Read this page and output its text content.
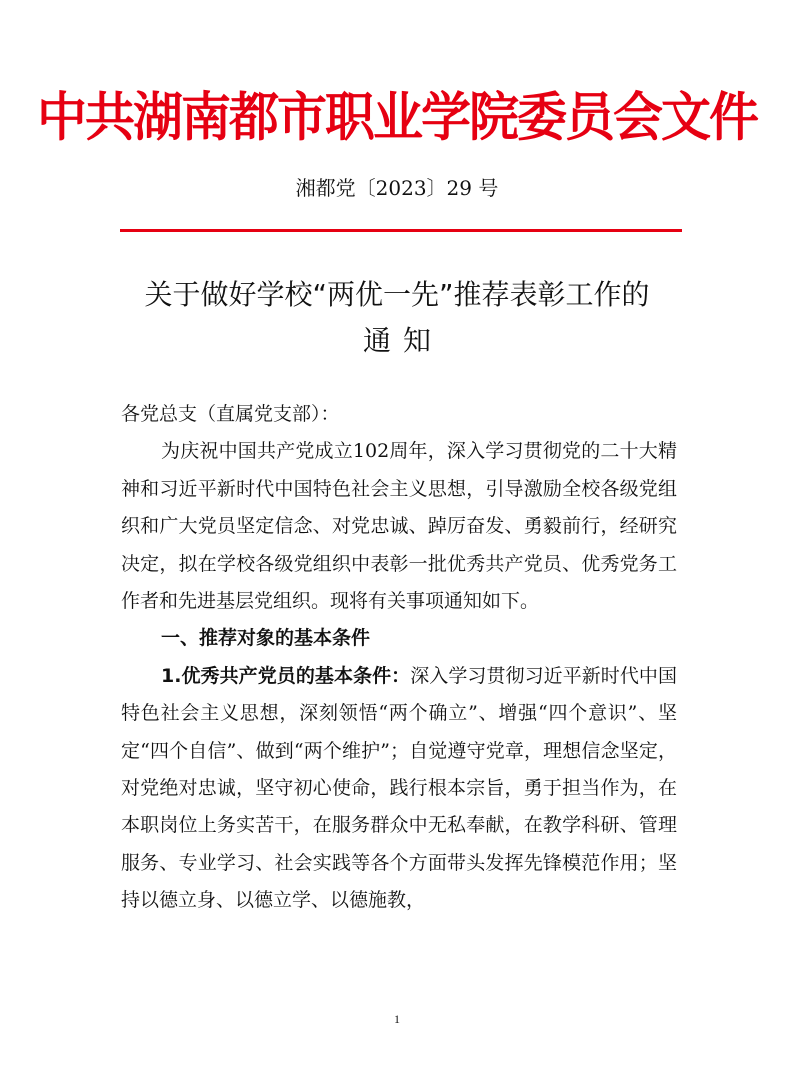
中共湖南都市职业学院委员会文件
湘都党〔2023〕29 号
关于做好学校“两优一先”推荐表彰工作的
通知

各党总支（直属党支部）：

为庆祝中国共产党成立102周年，深入学习贯彻党的二十大精神和习近平新时代中国特色社会主义思想，引导激励全校各级党组织和广大党员坚定信念、对党忠诚、踔厉奋发、勇毅前行，经研究决定，拟在学校各级党组织中表彰一批优秀共产党员、优秀党务工作者和先进基层党组织。现将有关事项通知如下。

一、推荐对象的基本条件

1.优秀共产党员的基本条件：深入学习贯彻习近平新时代中国特色社会主义思想，深刻领悟“两个确立”、增强“四个意识”、坚定“四个自信”、做到“两个维护”；自觉遵守党章，理想信念坚定，对党绝对忠诚，坚守初心使命，践行根本宗旨，勇于担当作为，在本职岗位上务实苦干，在服务群众中无私奉献，在教学科研、管理服务、专业学习、社会实践等各个方面带头发挥先锋模范作用；坚持以德立身、以德立学、以德施教，

1
